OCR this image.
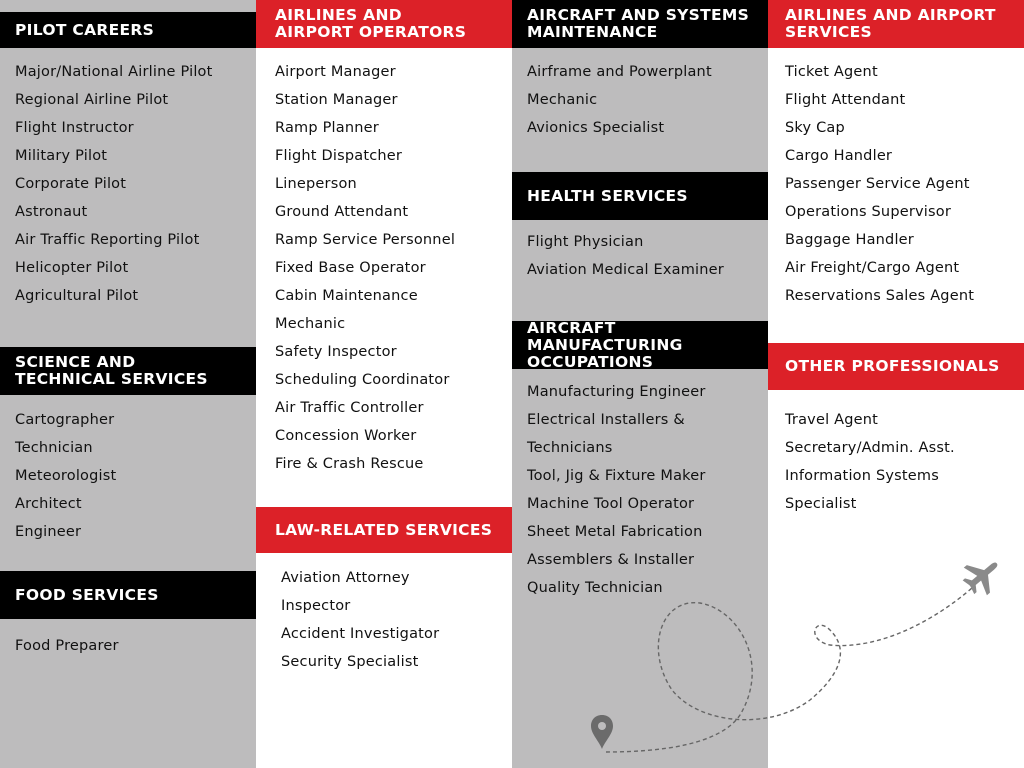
PILOT CAREERS
Major/National Airline Pilot
Regional Airline Pilot
Flight Instructor
Military Pilot
Corporate Pilot
Astronaut
Air Traffic Reporting Pilot
Helicopter Pilot
Agricultural Pilot
SCIENCE AND TECHNICAL SERVICES
Cartographer
Technician
Meteorologist
Architect
Engineer
FOOD SERVICES
Food Preparer
AIRLINES AND AIRPORT OPERATORS
Airport Manager
Station Manager
Ramp Planner
Flight Dispatcher
Lineperson
Ground Attendant
Ramp Service Personnel
Fixed Base Operator
Cabin Maintenance
Mechanic
Safety Inspector
Scheduling Coordinator
Air Traffic Controller
Concession Worker
Fire & Crash Rescue
LAW-RELATED SERVICES
Aviation Attorney
Inspector
Accident Investigator
Security Specialist
AIRCRAFT AND SYSTEMS MAINTENANCE
Airframe and Powerplant
Mechanic
Avionics Specialist
HEALTH SERVICES
Flight Physician
Aviation Medical Examiner
AIRCRAFT MANUFACTURING OCCUPATIONS
Manufacturing Engineer
Electrical Installers &
Technicians
Tool, Jig & Fixture Maker
Machine Tool Operator
Sheet Metal Fabrication
Assemblers & Installer
Quality Technician
AIRLINES AND AIRPORT SERVICES
Ticket Agent
Flight Attendant
Sky Cap
Cargo Handler
Passenger Service Agent
Operations Supervisor
Baggage Handler
Air Freight/Cargo Agent
Reservations Sales Agent
OTHER PROFESSIONALS
Travel Agent
Secretary/Admin. Asst.
Information Systems
Specialist
